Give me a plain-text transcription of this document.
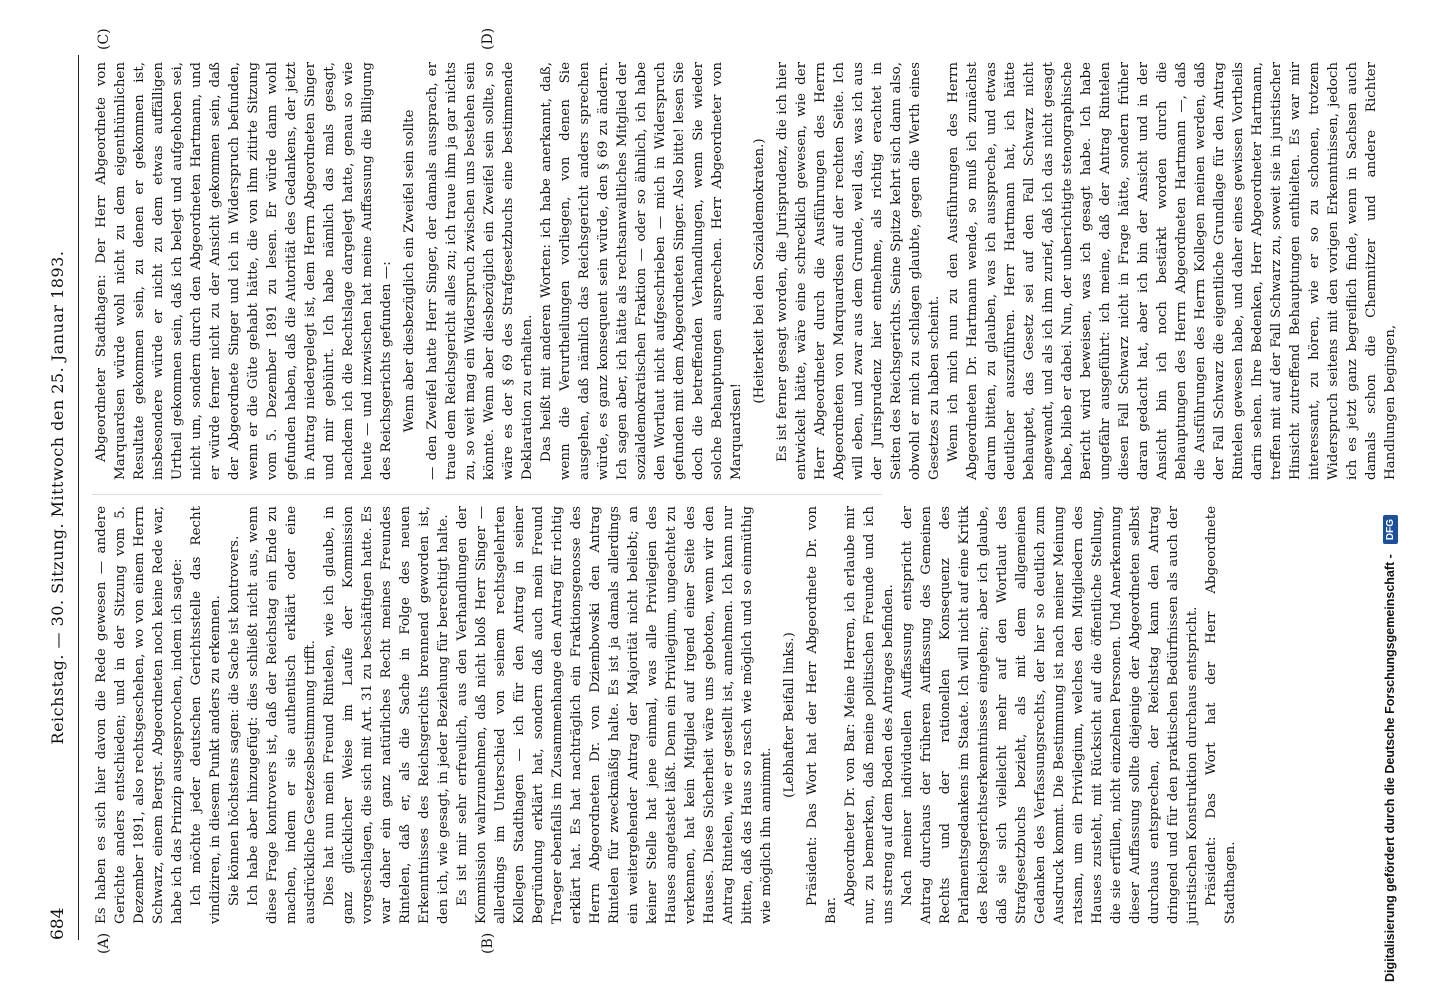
684
Reichstag. — 30. Sitzung. Mittwoch den 25. Januar 1893.
(A)	(B)
(C)	(D)

Es haben es sich hier davon die Rede gewesen — andere Gerichte anders entschieden; und in der Sitzung vom 5. Dezember 1891, also rechtsgeschehen, wo von einem Herrn Schwarz, einem Bergst. Abgeordneten noch keine Rede war, habe ich das Prinzip ausgesprochen, indem ich sagte: Ich möchte jeder deutschen Gerichtsstelle das Recht vindiziren, in diesem Punkt anders zu erkennen. Sie können höchstens sagen: die Sache ist kontrovers. Ich habe aber hinzugefügt: dies schließt nicht aus, wenn diese Frage kontrovers ist, daß der Reichstag ein Ende zu machen, indem er sie authentisch erklärt oder eine ausdrückliche Gesetzesbestimmung trifft. Dies hat nun mein Freund Rintelen, wie ich glaube, in ganz glücklicher Weise im Laufe der Kommission vorgeschlagen, die sich mit Art. 31 zu beschäftigen hatte. Es war daher ein ganz natürliches Recht meines Freundes Rintelen, daß er, als die Sache in Folge des neuen Erkenntnisses des Reichsgerichts brennend geworden ist, den ich, wie gesagt, in jeder Beziehung für berechtigt halte. Es ist mir sehr erfreulich, aus den Verhandlungen der Kommission wahrzunehmen, daß nicht bloß Herr Singer — allerdings im Unterschied von seinem rechtsgelehrten Kollegen Stadthagen — ich für den Antrag in seiner Begründung erklärt hat, sondern daß auch mein Freund Traeger ebenfalls im Zusammenhange den Antrag für richtig erklärt hat. Es hat nachträglich ein Fraktionsgenosse des Herrn Abgeordneten Dr. von Dziembowski den Antrag Rintelen für zweckmäßig halte. Es ist ja damals allerdings ein weitergehender Antrag der Majorität nicht beliebt; an keiner Stelle hat jene einmal, was alle Privilegien des Hauses angetastet läßt. Denn ein Privilegium, ungeachtet zu verkennen, hat kein Mitglied auf irgend einer Seite des Hauses. Diese Sicherheit wäre uns geboten, wenn wir den Antrag Rintelen, wie er gestellt ist, annehmen. Ich kann nur bitten, daß das Haus so rasch wie möglich und so einmüthig wie möglich ihn annimmt.

(Lebhafter Beifall links.) Präsident: Das Wort hat der Herr Abgeordnete Dr. von Bar.

Abgeordneter Dr. von Bar: Meine Herren, ich erlaube mir nur, zu bemerken, daß meine politischen Freunde und ich uns streng auf dem Boden des Antrages befinden. Nach meiner individuellen Auffassung entspricht der Antrag durchaus der früheren Auffassung des Gemeinen Rechts und der rationellen Konsequenz des Parlamentsgedankens im Staate. Ich will nicht auf eine Kritik des Reichsgerichtserkenntnisses eingehen; aber ich glaube, daß sie sich vielleicht mehr auf den Wortlaut des Strafgesetzbuchs bezieht, als mit dem allgemeinen Gedanken des Verfassungsrechts, der hier so deutlich zum Ausdruck kommt. Die Bestimmung ist nach meiner Meinung ratsam, um ein Privilegium, welches den Mitgliedern des Hauses zusteht, mit Rücksicht auf die öffentliche Stellung, die sie erfüllen, nicht einzelnen Personen. Und Anerkennung dieser Auffassung sollte diejenige der Abgeordneten selbst durchaus entsprechen, der Reichstag kann den Antrag dringend und für den praktischen Bedürfnissen als auch der juristischen Konstruktion durchaus entspricht. Präsident: Das Wort hat der Herr Abgeordnete Stadthagen.

Abgeordneter Stadthagen: Der Herr Abgeordnete von Marquardsen würde wohl nicht zu dem eigenthümlichen Resultate gekommen sein, zu denen er gekommen ist, insbesondere würde er nicht zu dem etwas auffälligen Urtheil gekommen sein, daß ich belegt und aufgehoben sei, nicht um, sondern durch den Abgeordneten Hartmann, und er würde ferner nicht zu der Ansicht gekommen sein, daß der Abgeordnete Singer und ich in Widerspruch befunden, wenn er die Güte gehabt hätte, die von ihm zitirte Sitzung vom 5. Dezember 1891 zu lesen. Er würde dann wohl gefunden haben, daß die Autorität des Gedankens, der jetzt in Antrag niedergelegt ist, dem Herrn Abgeordneten Singer und mir gebührt. Ich habe nämlich das mals gesagt, nachdem ich die Rechtslage dargelegt hatte, genau so wie heute — und inzwischen hat meine Auffassung die Billigung des Reichsgerichts gefunden —: Wenn aber diesbezüglich ein Zweifel sein sollte — den Zweifel hatte Herr Singer, der damals aussprach, er traue dem Reichsgericht alles zu; ich traue ihm ja gar nichts zu, so weit mag ein Widerspruch zwischen uns bestehen sein könnte. Wenn aber diesbezüglich ein Zweifel sein sollte, so wäre es der § 69 des Strafgesetzbuchs eine bestimmende Deklaration zu erhalten. Das heißt mit anderen Worten: ich habe anerkannt, daß, wenn die Verurtheilungen vorliegen, von denen Sie ausgehen, daß nämlich das Reichsgericht anders sprechen würde, es ganz konsequent sein würde, den § 69 zu ändern. Ich sagen aber, ich hätte als rechtsanwaltliches Mitglied der sozialdemokratischen Fraktion — oder so ähnlich, ich habe den Wortlaut nicht aufgeschrieben — mich in Widerspruch gefunden mit dem Abgeordneten Singer. Also bitte! lesen Sie doch die betreffenden Verhandlungen, wenn Sie wieder solche Behauptungen ausprechen. Herr Abgeordneter von Marquardsen!

(Heiterkeit bei den Sozialdemokraten.) Es ist ferner gesagt worden, die Jurisprudenz, die ich hier entwickelt hätte, wäre eine schrecklich gewesen, wie der Herr Abgeordneter durch die Ausführungen des Herrn Abgeordneten von Marquardsen auf der rechten Seite. Ich will eben, und zwar aus dem Grunde, weil das, was ich aus der Jurisprudenz hier entnehme, als richtig erachtet in Seiten des Reichsgerichts. Seine Spitze kehrt sich dann also, obwohl er mich zu schlagen glaubte, gegen die Werth eines Gesetzes zu haben scheint. Wenn ich mich nun zu den Ausführungen des Herrn Abgeordneten Dr. Hartmann wende, so muß ich zunächst darum bitten, zu glauben, was ich ausspreche, und etwas deutlicher auszuführen. Herr Hartmann hat, ich hätte behauptet, das Gesetz sei auf den Fall Schwarz nicht angewandt, und als ich ihm zurief, daß ich das nicht gesagt habe, blieb er dabei. Nun, der unberichtigte stenographische Bericht wird beweisen, was ich gesagt habe. Ich habe ungefähr ausgeführt: ich meine, daß der Antrag Rintelen diesen Fall Schwarz nicht in Frage hätte, sondern früher daran gedacht hat, aber ich bin der Ansicht und in der Ansicht bin ich noch bestärkt worden durch die Behauptungen des Herrn Abgeordneten Hartmann —, daß die Ausführungen des Herrn Kollegen meinen werden, daß der Fall Schwarz die eigentliche Grundlage für den Antrag Rintelen gewesen habe, und daher eines gewissen Vortheils darin sehen. Ihre Bedenken, Herr Abgeordneter Hartmann, treffen mit auf der Fall Schwarz zu, soweit sie in juristischer Hinsicht zutreffend Behauptungen enthielten. Es war mir interessant, zu hören, wie er so zu schonen, trotzem Widerspruch seitens mit den vorigen Erkenntnissen, jedoch ich es jetzt ganz begreiflich finde, wenn in Sachsen auch damals schon die Chemnitzer und andere Richter Handlungen begingen,

Digitalisierung gefördert durch die Deutsche Forschungsgemeinschaft -
DFG
